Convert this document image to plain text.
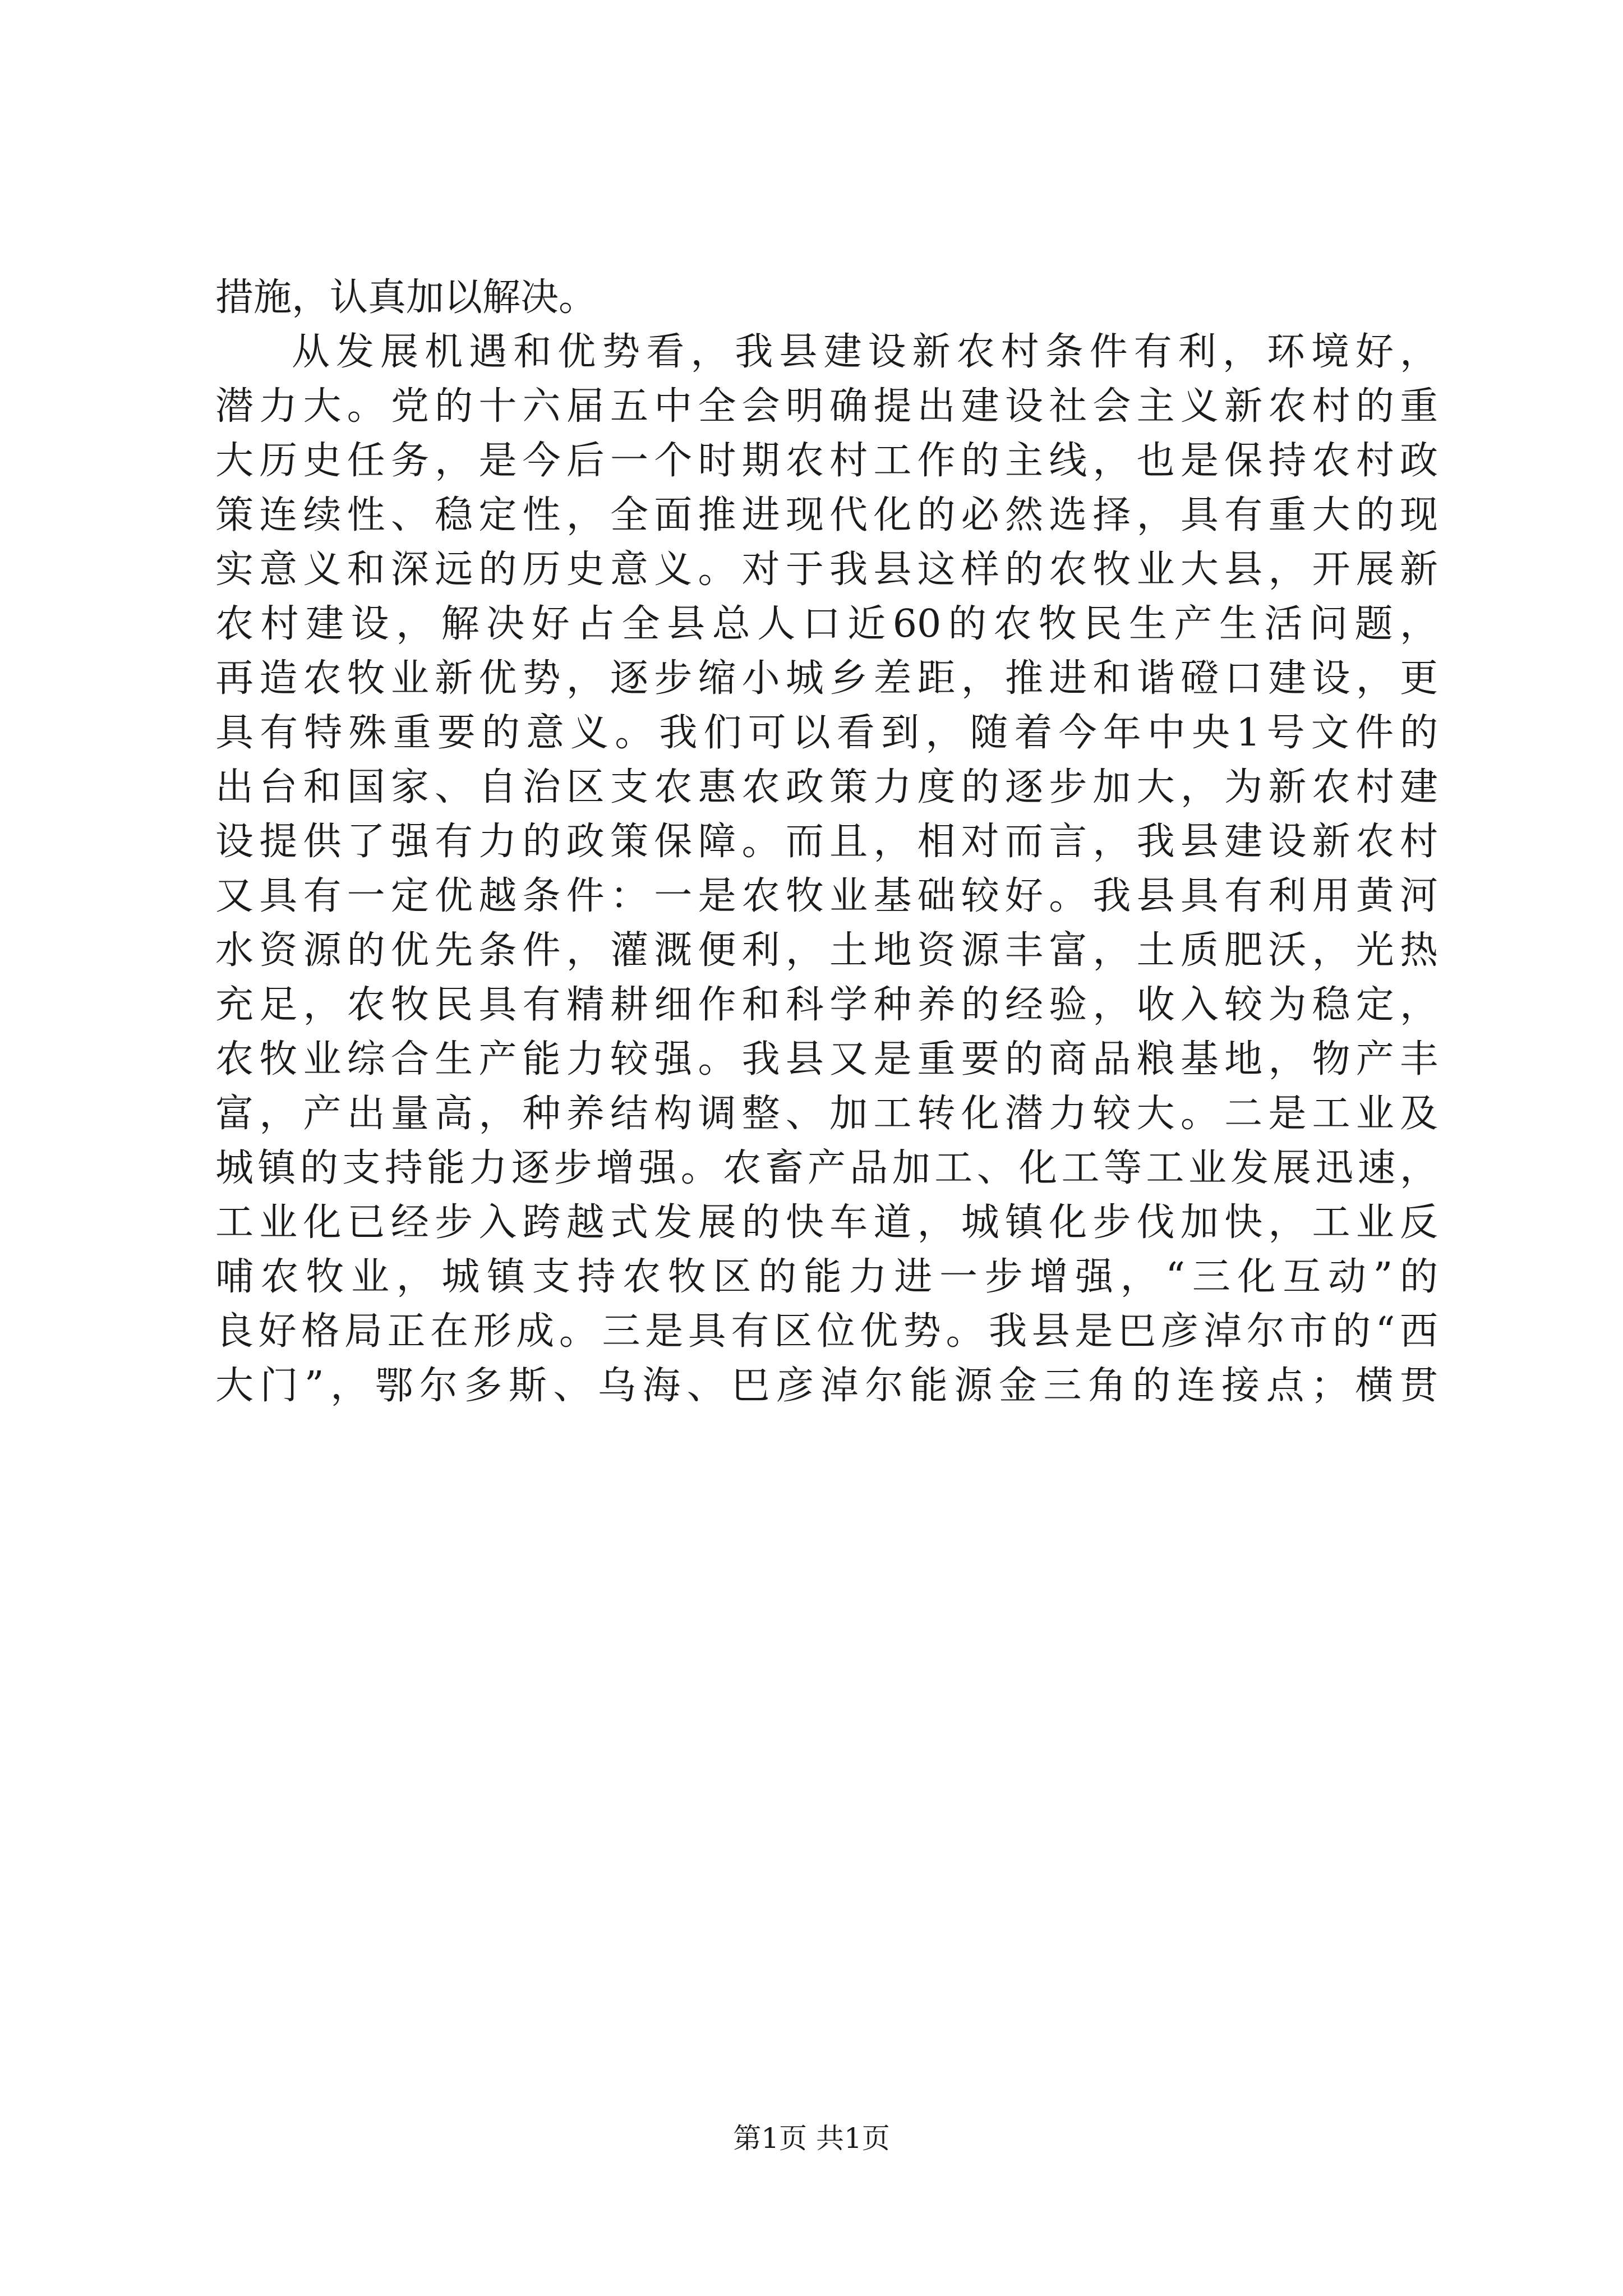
措施，认真加以解决。
从发展机遇和优势看，我县建设新农村条件有利，环境好，
潜力大。党的十六届五中全会明确提出建设社会主义新农村的重
大历史任务，是今后一个时期农村工作的主线，也是保持农村政
策连续性、稳定性，全面推进现代化的必然选择，具有重大的现
实意义和深远的历史意义。对于我县这样的农牧业大县，开展新
农村建设，解决好占全县总人口近60的农牧民生产生活问题，
再造农牧业新优势，逐步缩小城乡差距，推进和谐磴口建设，更
具有特殊重要的意义。我们可以看到，随着今年中央1号文件的
出台和国家、自治区支农惠农政策力度的逐步加大，为新农村建
设提供了强有力的政策保障。而且，相对而言，我县建设新农村
又具有一定优越条件：一是农牧业基础较好。我县具有利用黄河
水资源的优先条件，灌溉便利，土地资源丰富，土质肥沃，光热
充足，农牧民具有精耕细作和科学种养的经验，收入较为稳定，
农牧业综合生产能力较强。我县又是重要的商品粮基地，物产丰
富，产出量高，种养结构调整、加工转化潜力较大。二是工业及
城镇的支持能力逐步增强。农畜产品加工、化工等工业发展迅速，
工业化已经步入跨越式发展的快车道，城镇化步伐加快，工业反
哺农牧业，城镇支持农牧区的能力进一步增强，“三化互动”的
良好格局正在形成。三是具有区位优势。我县是巴彦淖尔市的“西
大门”，鄂尔多斯、乌海、巴彦淖尔能源金三角的连接点；横贯
第1页 共1页
